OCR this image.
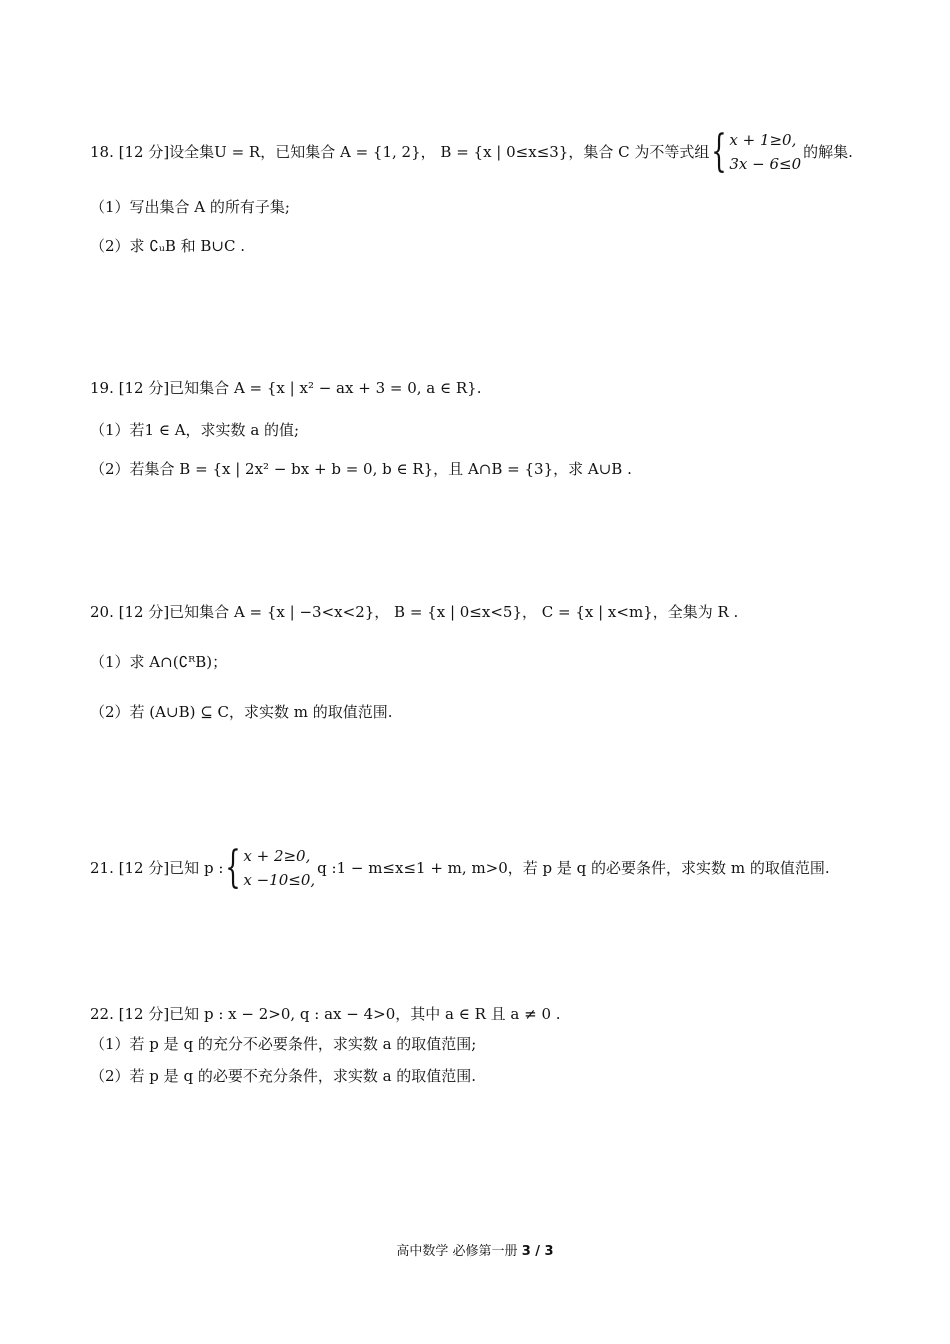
18. [12 分]设全集U = R，已知集合 A = {1, 2}， B = {x | 0≤x≤3}，集合 C 为不等式组 { x + 1≥0,
3x − 6≤0
的解集.
（1）写出集合 A 的所有子集;
（2）求 ∁ᵤB 和 B∪C .
19. [12 分]已知集合 A = {x | x² − ax + 3 = 0, a ∈ R}.
（1）若1 ∈ A，求实数 a 的值;
（2）若集合 B = {x | 2x² − bx + b = 0, b ∈ R}，且 A∩B = {3}，求 A∪B .
20. [12 分]已知集合 A = {x | −3<x<2}， B = {x | 0≤x<5}， C = {x | x<m}，全集为 R .
（1）求 A∩(∁ᴿB)；
（2）若 (A∪B) ⊆ C，求实数 m 的取值范围.
21. [12 分]已知 p : { x + 2≥0,
x −10≤0,
q :1 − m≤x≤1 + m, m>0，若 p 是 q 的必要条件，求实数 m 的取值范围.
22. [12 分]已知 p : x − 2>0, q : ax − 4>0，其中 a ∈ R 且 a ≠ 0 .
（1）若 p 是 q 的充分不必要条件，求实数 a 的取值范围;
（2）若 p 是 q 的必要不充分条件，求实数 a 的取值范围.
高中数学 必修第一册 3 / 3
